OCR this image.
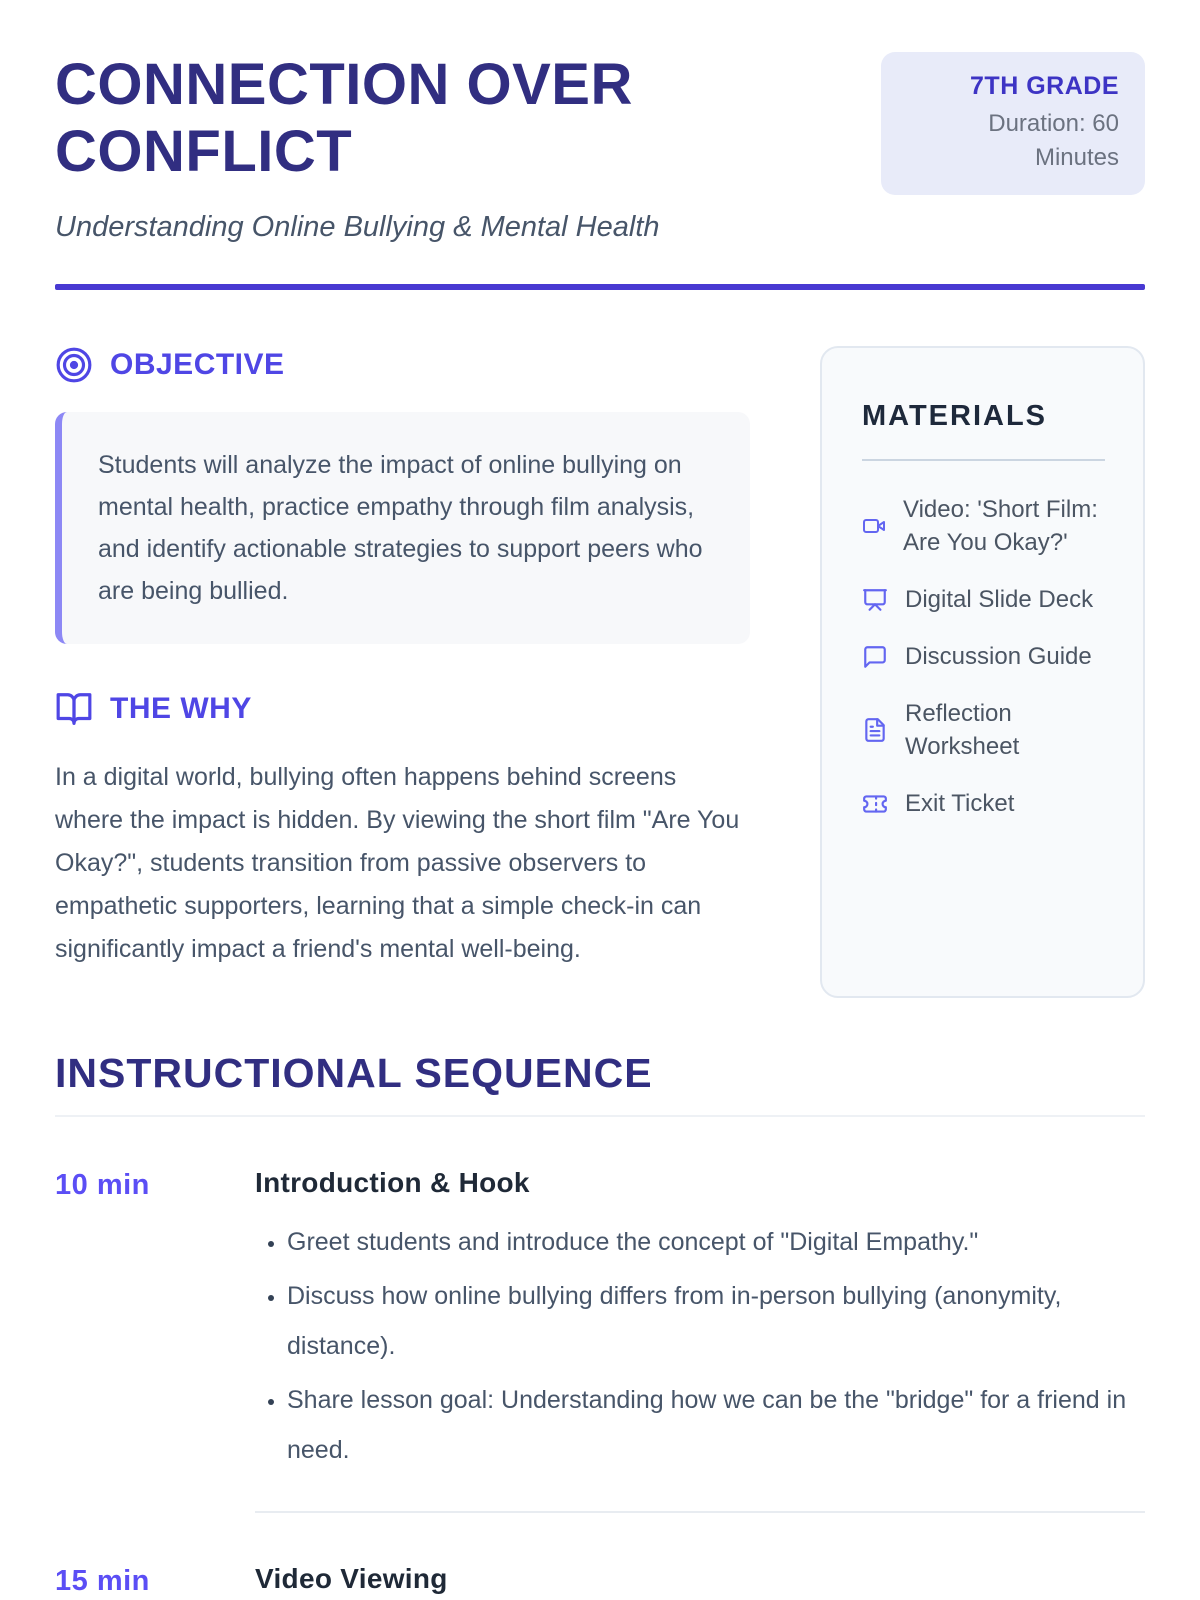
CONNECTION OVER CONFLICT

Understanding Online Bullying & Mental Health

7TH GRADE
Duration: 60 Minutes
OBJECTIVE

Students will analyze the impact of online bullying on mental health, practice empathy through film analysis, and identify actionable strategies to support peers who are being bullied.

THE WHY

In a digital world, bullying often happens behind screens where the impact is hidden. By viewing the short film "Are You Okay?", students transition from passive observers to empathetic supporters, learning that a simple check-in can significantly impact a friend's mental well-being.

MATERIALS
Video: 'Short Film: Are You Okay?'
Digital Slide Deck
Discussion Guide
Reflection Worksheet
Exit Ticket
INSTRUCTIONAL SEQUENCE
10 min	Introduction & Hook
• Greet students and introduce the concept of "Digital Empathy."
• Discuss how online bullying differs from in-person bullying (anonymity, distance).
• Share lesson goal: Understanding how we can be the "bridge" for a friend in need.
15 min	Video Viewing
